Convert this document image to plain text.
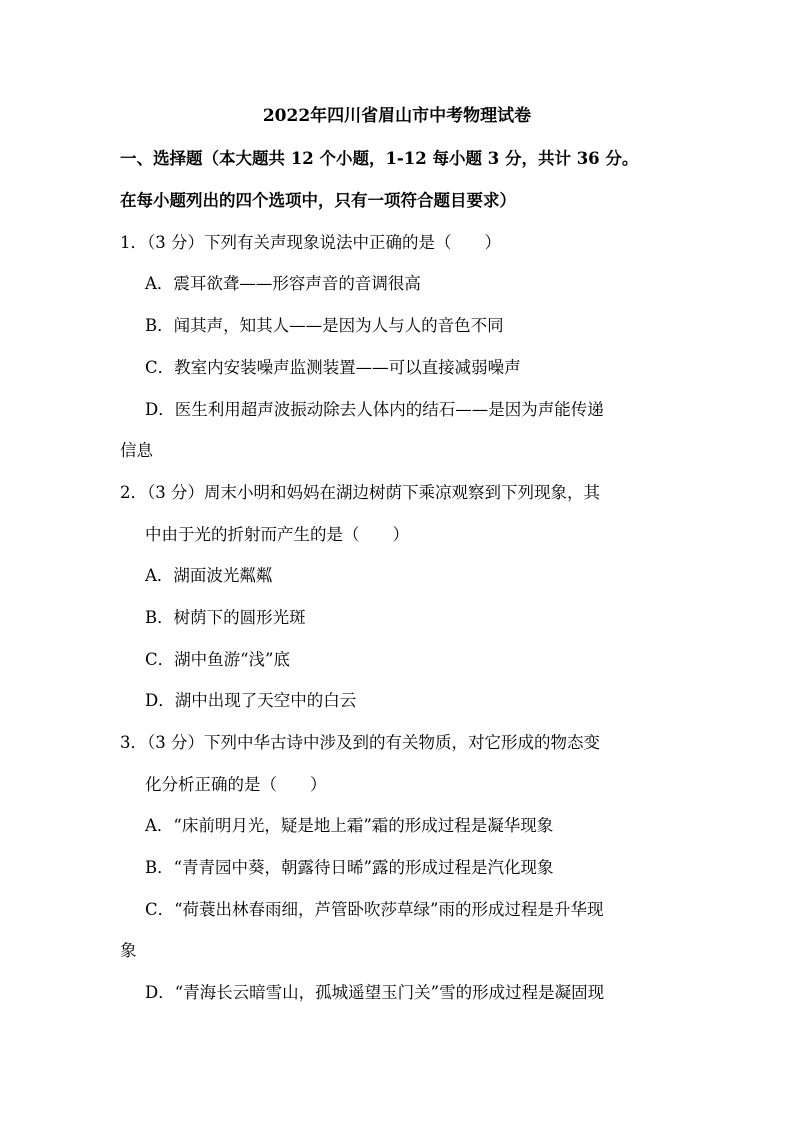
2022年四川省眉山市中考物理试卷
一、选择题（本大题共 12 个小题，1-12 每小题 3 分，共计 36 分。
在每小题列出的四个选项中，只有一项符合题目要求）
1．（3 分）下列有关声现象说法中正确的是（　　）
A．震耳欲聋——形容声音的音调很高
B．闻其声，知其人——是因为人与人的音色不同
C．教室内安装噪声监测装置——可以直接减弱噪声
D．医生利用超声波振动除去人体内的结石——是因为声能传递
信息
2．（3 分）周末小明和妈妈在湖边树荫下乘凉观察到下列现象，其
中由于光的折射而产生的是（　　）
A．湖面波光粼粼
B．树荫下的圆形光斑
C．湖中鱼游“浅”底
D．湖中出现了天空中的白云
3．（3 分）下列中华古诗中涉及到的有关物质，对它形成的物态变
化分析正确的是（　　）
A．“床前明月光，疑是地上霜”霜的形成过程是凝华现象
B．“青青园中葵，朝露待日晞”露的形成过程是汽化现象
C．“荷蓑出林春雨细，芦管卧吹莎草绿”雨的形成过程是升华现
象
D．“青海长云暗雪山，孤城遥望玉门关”雪的形成过程是凝固现
